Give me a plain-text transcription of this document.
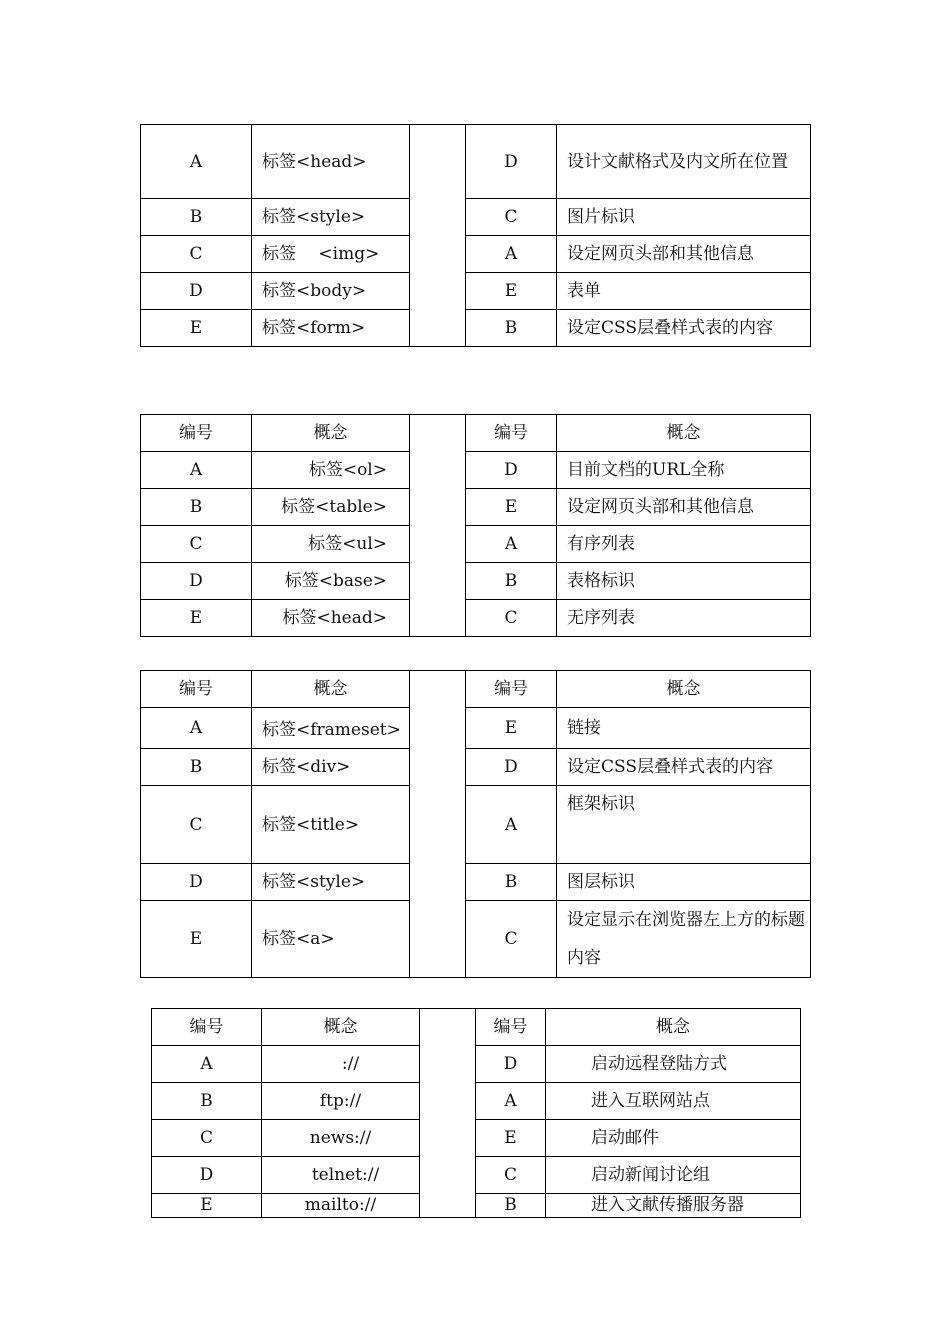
A	标签<head>		D	设计文献格式及内文所在位置
B	标签<style>		C	图片标识
C	标签　 <img>		A	设定网页头部和其他信息
D	标签<body>		E	表单
E	标签<form>		B	设定CSS层叠样式表的内容
编号	概念		编号	概念
A	标签<ol>		D	目前文档的URL全称
B	标签<table>		E	设定网页头部和其他信息
C	标签<ul>		A	有序列表
D	标签<base>		B	表格标识
E	标签<head>		C	无序列表
编号	概念		编号	概念
A	标签<frameset>		E	链接
B	标签<div>		D	设定CSS层叠样式表的内容
C	标签<title>		A	框架标识
D	标签<style>		B	图层标识
E	标签<a>		C	设定显示在浏览器左上方的标题内容
编号	概念		编号	概念
A	://		D	启动远程登陆方式
B	ftp://		A	进入互联网站点
C	news://		E	启动邮件
D	telnet://		C	启动新闻讨论组
E	mailto://		B	进入文献传播服务器
